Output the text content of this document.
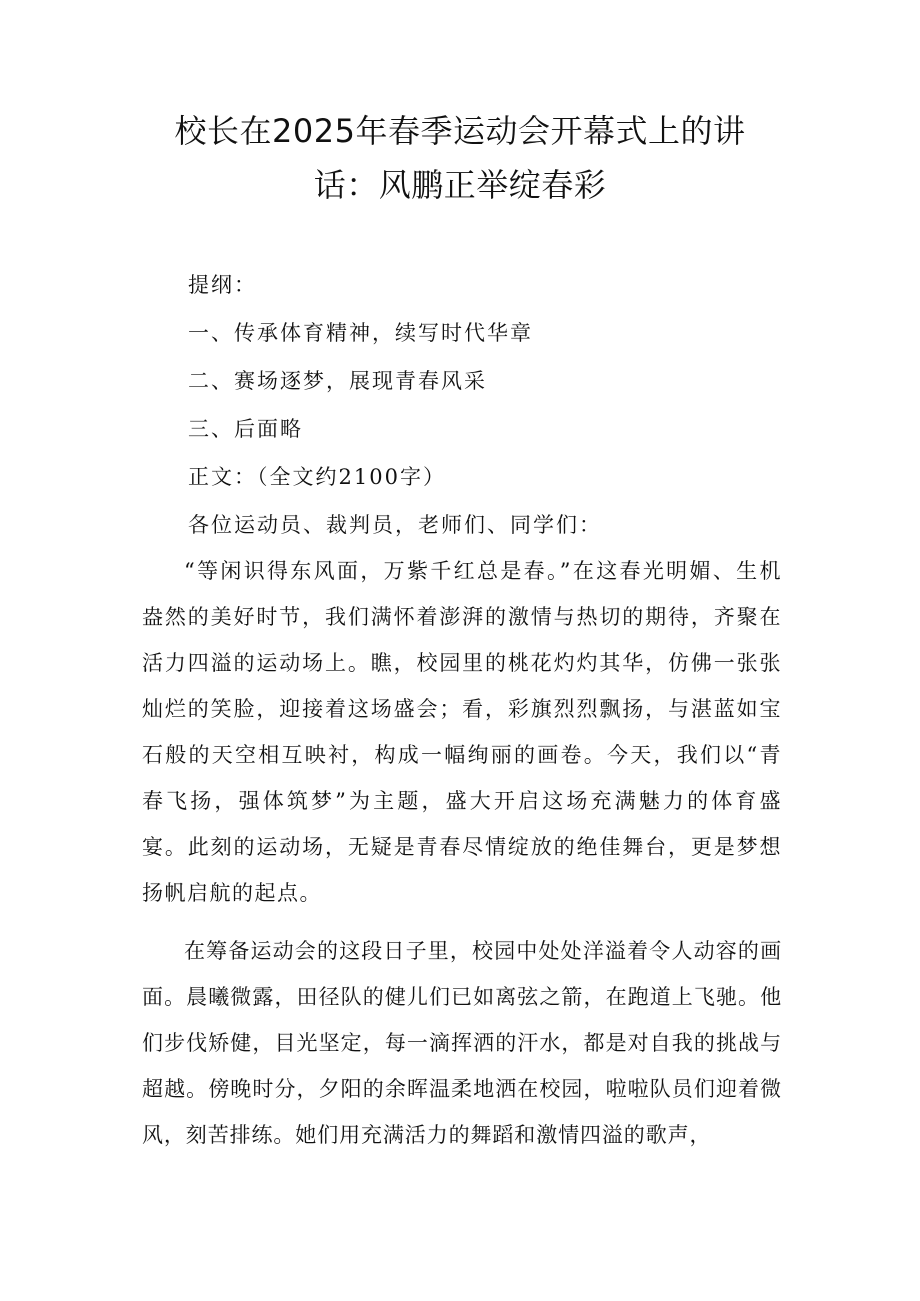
校长在2025年春季运动会开幕式上的讲
话：风鹏正举绽春彩
提纲：
一、传承体育精神，续写时代华章
二、赛场逐梦，展现青春风采
三、后面略
正文：（全文约2100字）
各位运动员、裁判员，老师们、同学们：

“等闲识得东风面，万紫千红总是春。”在这春光明媚、生机盎然的美好时节，我们满怀着澎湃的激情与热切的期待，齐聚在活力四溢的运动场上。瞧，校园里的桃花灼灼其华，仿佛一张张灿烂的笑脸，迎接着这场盛会；看，彩旗烈烈飘扬，与湛蓝如宝石般的天空相互映衬，构成一幅绚丽的画卷。今天，我们以“青春飞扬，强体筑梦”为主题，盛大开启这场充满魅力的体育盛宴。此刻的运动场，无疑是青春尽情绽放的绝佳舞台，更是梦想扬帆启航的起点。

在筹备运动会的这段日子里，校园中处处洋溢着令人动容的画面。晨曦微露，田径队的健儿们已如离弦之箭，在跑道上飞驰。他们步伐矫健，目光坚定，每一滴挥洒的汗水，都是对自我的挑战与超越。傍晚时分，夕阳的余晖温柔地洒在校园，啦啦队员们迎着微风，刻苦排练。她们用充满活力的舞蹈和激情四溢的歌声，
